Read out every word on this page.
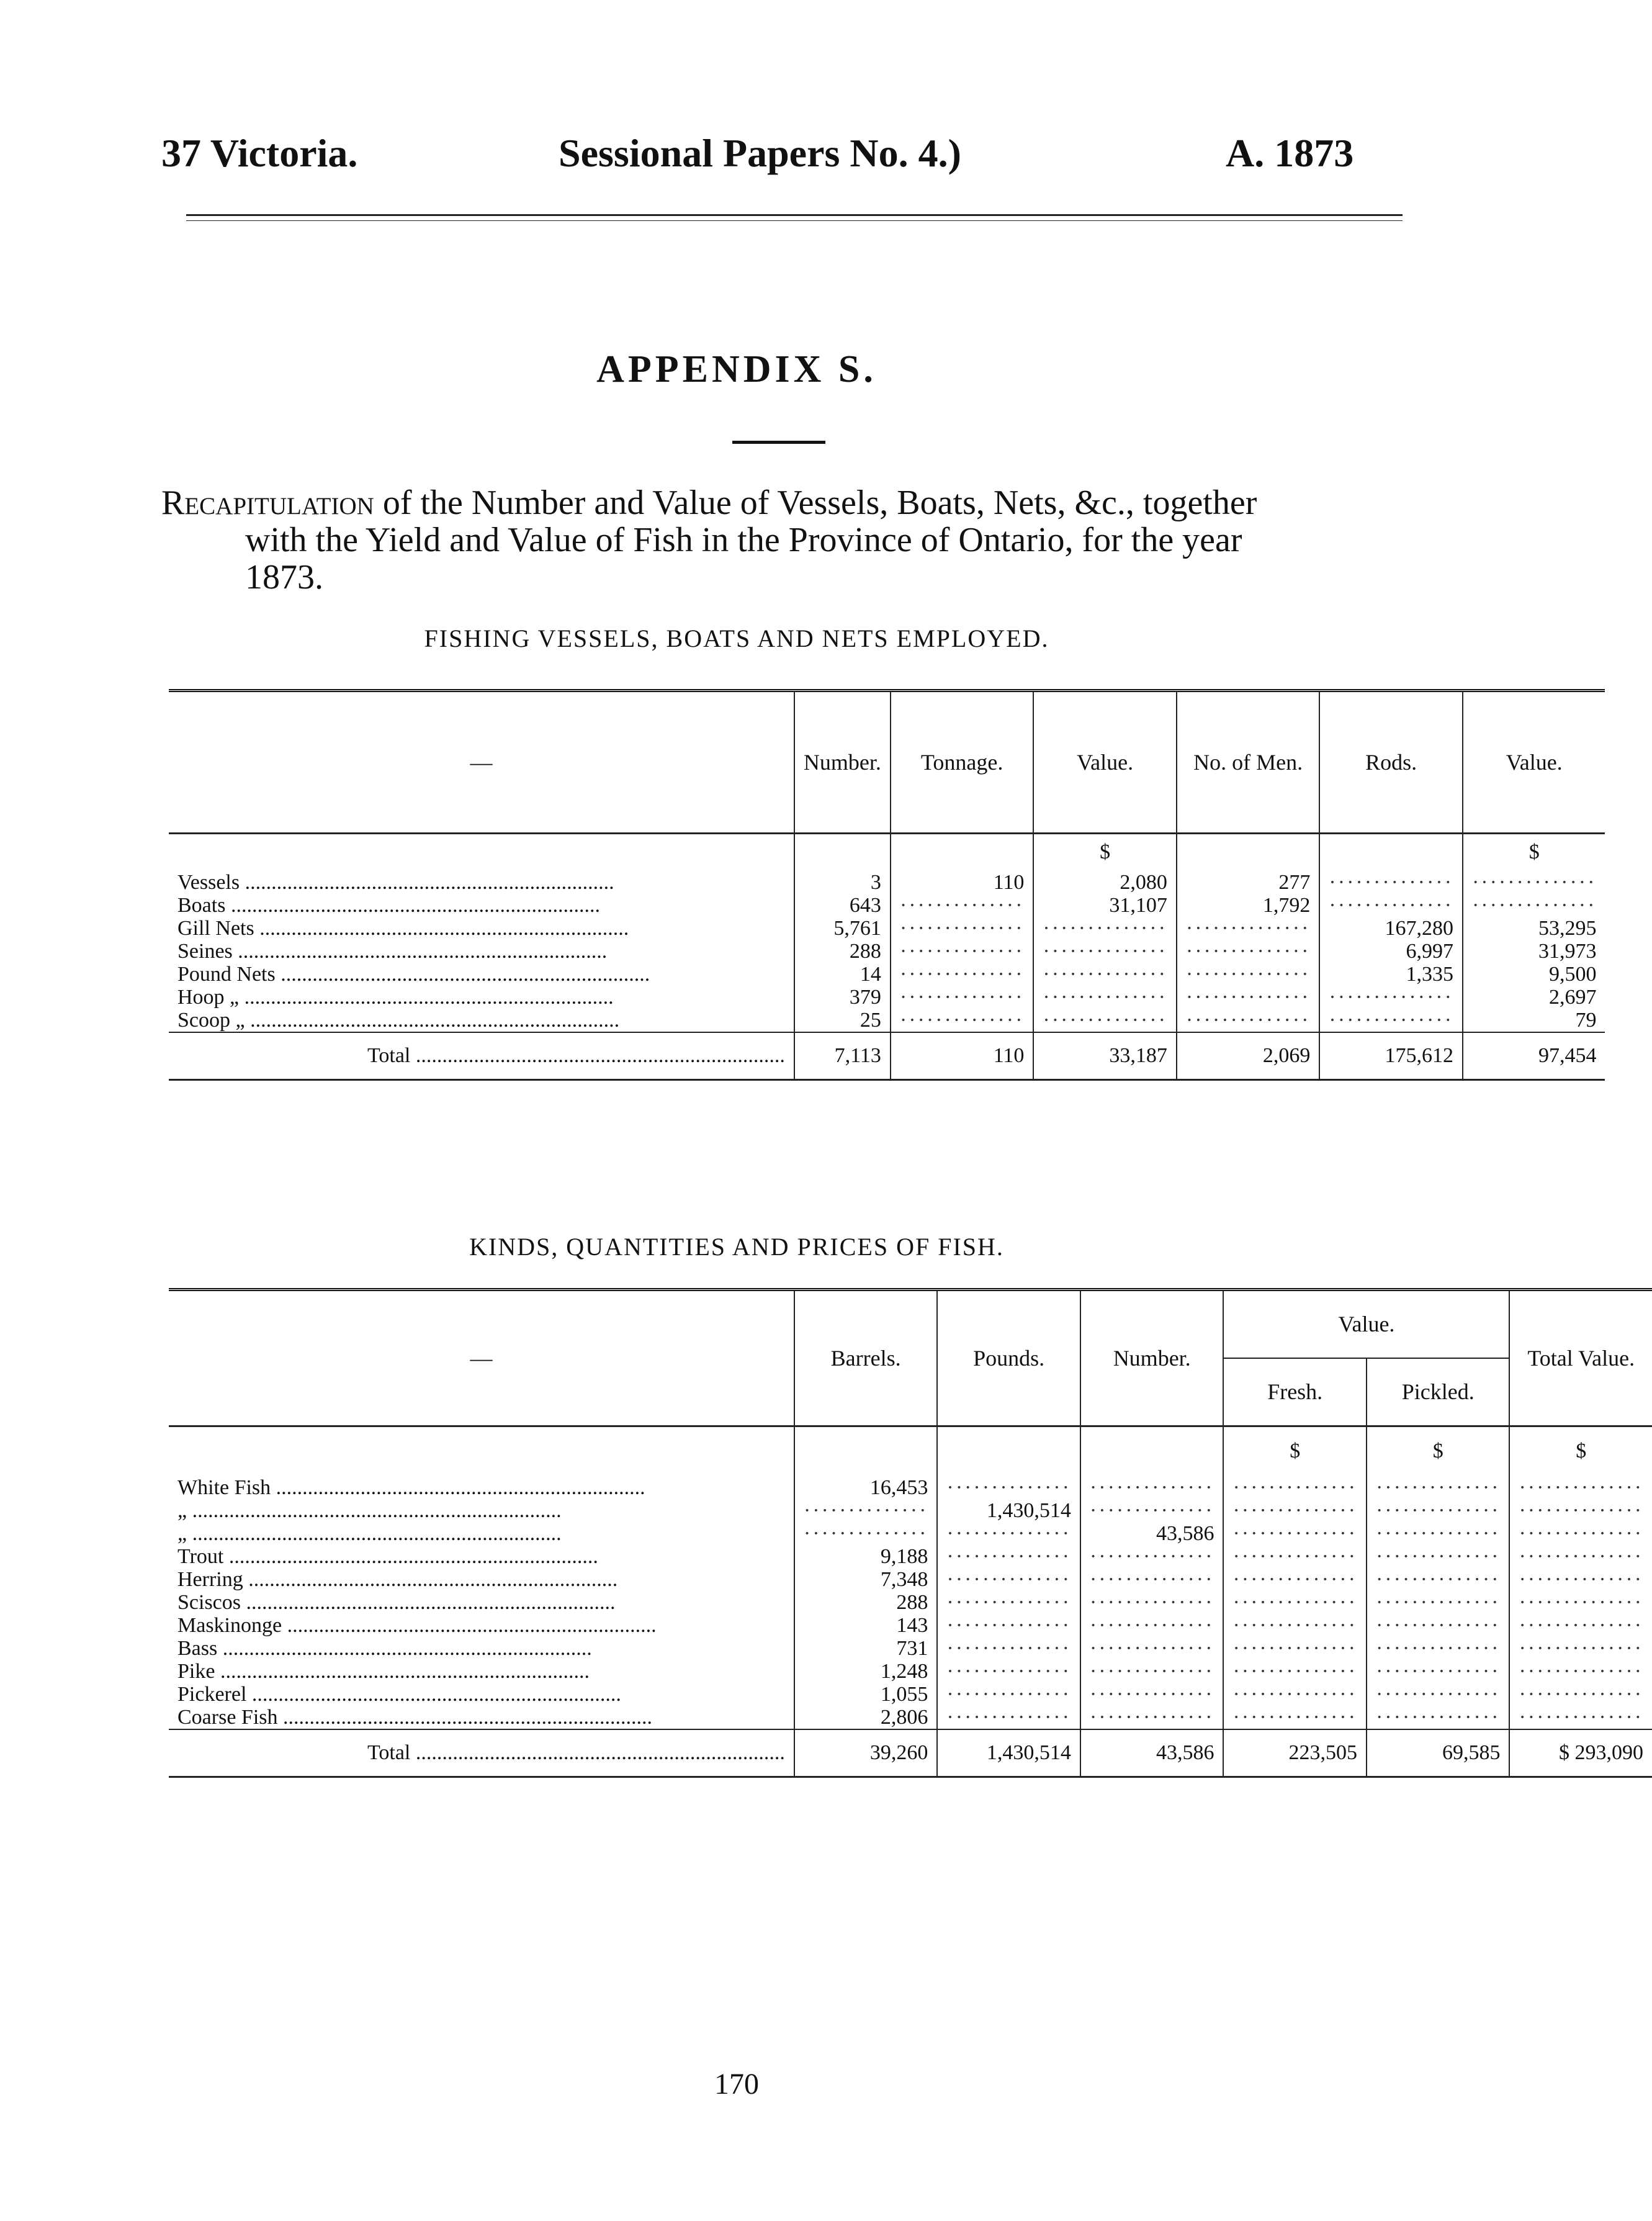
37 Victoria.	Sessional Papers No. 4.)	A. 1873
APPENDIX S.
Recapitulation of the Number and Value of Vessels, Boats, Nets, &c., together
with the Yield and Value of Fish in the Province of Ontario, for the year
1873.
FISHING VESSELS, BOATS AND NETS EMPLOYED.
—	Number.	Tonnage.	Value.	No. of Men.	Rods.	Value.
			$			$
Vessels .....	3	110	2,080	277	··············	··············
Boats .....	643	··············	31,107	1,792	··············	··············
Gill Nets .....	5,761	··············	··············	··············	167,280	53,295
Seines .....	288	··············	··············	··············	6,997	31,973
Pound Nets .....	14	··············	··············	··············	1,335	9,500
Hoop „ .....	379	··············	··············	··············	··············	2,697
Scoop „ .....	25	··············	··············	··············	··············	79
Total .....	7,113	110	33,187	2,069	175,612	97,454
KINDS, QUANTITIES AND PRICES OF FISH.
—	Barrels.	Pounds.	Number.	Value.		Total Value.
				Fresh.	Pickled.	
				$	$	$
White Fish .....	16,453	··············	··············	··············	··············	··············
„ .....	··············	1,430,514	··············	··············	··············	··············
„ .....	··············	··············	43,586	··············	··············	··············
Trout .....	9,188	··············	··············	··············	··············	··············
Herring .....	7,348	··············	··············	··············	··············	··············
Sciscos .....	288	··············	··············	··············	··············	··············
Maskinonge .....	143	··············	··············	··············	··············	··············
Bass .....	731	··············	··············	··············	··············	··············
Pike .....	1,248	··············	··············	··············	··············	··············
Pickerel .....	1,055	··············	··············	··············	··············	··············
Coarse Fish .....	2,806	··············	··············	··············	··············	··············
Total .....	39,260	1,430,514	43,586	223,505	69,585	$ 293,090
170
